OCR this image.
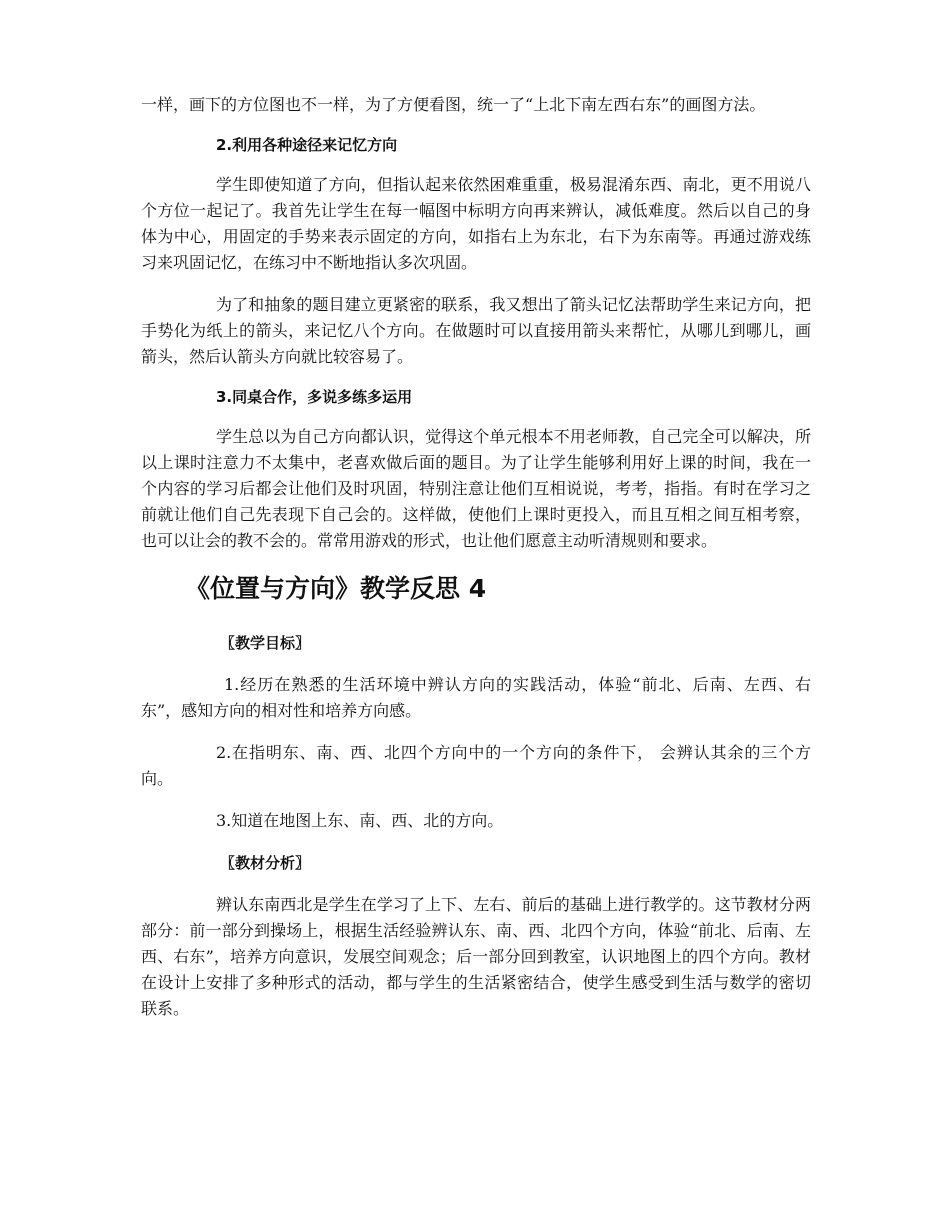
一样，画下的方位图也不一样，为了方便看图，统一了“上北下南左西右东”的画图方法。

2.利用各种途径来记忆方向

学生即使知道了方向，但指认起来依然困难重重，极易混淆东西、南北，更不用说八个方位一起记了。我首先让学生在每一幅图中标明方向再来辨认，减低难度。然后以自己的身体为中心，用固定的手势来表示固定的方向，如指右上为东北，右下为东南等。再通过游戏练习来巩固记忆，在练习中不断地指认多次巩固。

为了和抽象的题目建立更紧密的联系，我又想出了箭头记忆法帮助学生来记方向，把手势化为纸上的箭头，来记忆八个方向。在做题时可以直接用箭头来帮忙，从哪儿到哪儿，画箭头，然后认箭头方向就比较容易了。

3.同桌合作，多说多练多运用

学生总以为自己方向都认识，觉得这个单元根本不用老师教，自己完全可以解决，所以上课时注意力不太集中，老喜欢做后面的题目。为了让学生能够利用好上课的时间，我在一个内容的学习后都会让他们及时巩固，特别注意让他们互相说说，考考，指指。有时在学习之前就让他们自己先表现下自己会的。这样做，使他们上课时更投入，而且互相之间互相考察，也可以让会的教不会的。常常用游戏的形式，也让他们愿意主动听清规则和要求。

《位置与方向》教学反思 4
〖教学目标〗

1.经历在熟悉的生活环境中辨认方向的实践活动，体验“前北、后南、左西、右东”，感知方向的相对性和培养方向感。

2.在指明东、南、西、北四个方向中的一个方向的条件下， 会辨认其余的三个方向。

3.知道在地图上东、南、西、北的方向。

〖教材分析〗

辨认东南西北是学生在学习了上下、左右、前后的基础上进行教学的。这节教材分两部分：前一部分到操场上，根据生活经验辨认东、南、西、北四个方向，体验“前北、后南、左西、右东”，培养方向意识，发展空间观念；后一部分回到教室，认识地图上的四个方向。教材在设计上安排了多种形式的活动，都与学生的生活紧密结合，使学生感受到生活与数学的密切联系。
